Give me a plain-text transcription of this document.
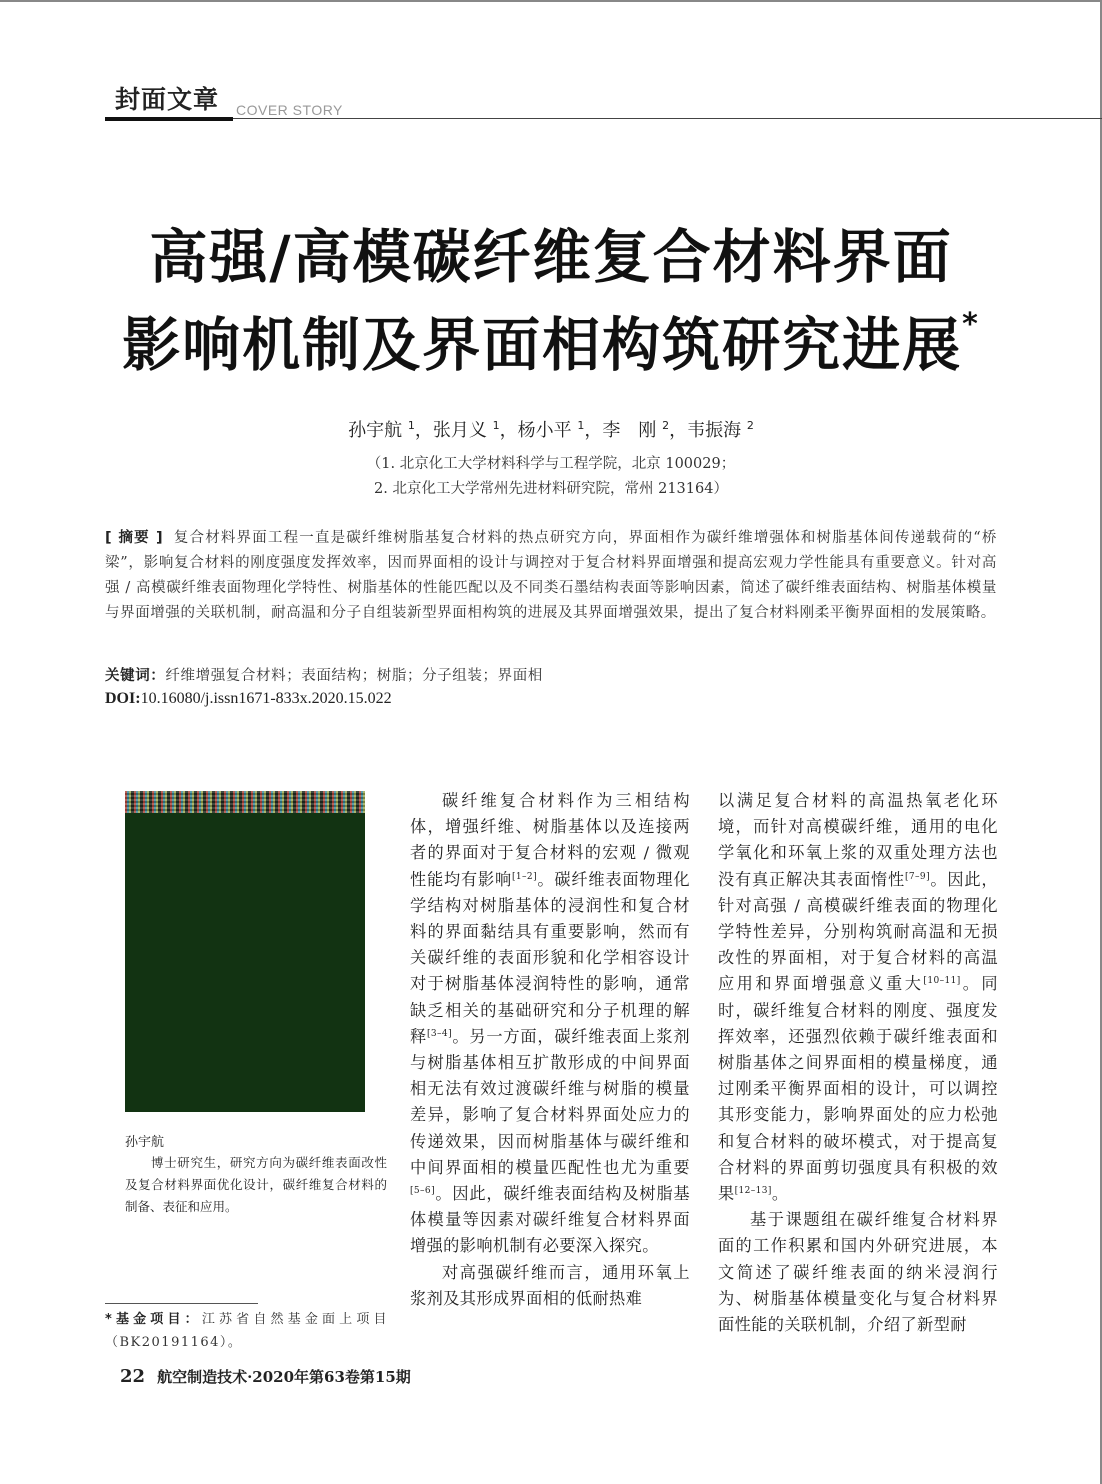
封面文章 COVER STORY
高强/高模碳纤维复合材料界面
影响机制及界面相构筑研究进展*
孙宇航 $^1$，张月义 $^1$，杨小平 $^1$，李　刚 $^2$，韦振海 $^2$
（1. 北京化工大学材料科学与工程学院，北京 100029；
2. 北京化工大学常州先进材料研究院，常州 213164）
[ 摘要 ] 复合材料界面工程一直是碳纤维树脂基复合材料的热点研究方向，界面相作为碳纤维增强体和树脂基体间传递载荷的“桥梁”，影响复合材料的刚度强度发挥效率，因而界面相的设计与调控对于复合材料界面增强和提高宏观力学性能具有重要意义。针对高强 / 高模碳纤维表面物理化学特性、树脂基体的性能匹配以及不同类石墨结构表面等影响因素，简述了碳纤维表面结构、树脂基体模量与界面增强的关联机制，耐高温和分子自组装新型界面相构筑的进展及其界面增强效果，提出了复合材料刚柔平衡界面相的发展策略。
关键词：纤维增强复合材料；表面结构；树脂；分子组装；界面相
DOI:10.16080/j.issn1671-833x.2020.15.022
孙宇航
博士研究生，研究方向为碳纤维表面改性及复合材料界面优化设计，碳纤维复合材料的制备、表征和应用。
*基金项目：江苏省自然基金面上项目（BK20191164）。

碳纤维复合材料作为三相结构体，增强纤维、树脂基体以及连接两者的界面对于复合材料的宏观 / 微观性能均有影响[1–2]。碳纤维表面物理化学结构对树脂基体的浸润性和复合材料的界面黏结具有重要影响，然而有关碳纤维的表面形貌和化学相容设计对于树脂基体浸润特性的影响，通常缺乏相关的基础研究和分子机理的解释[3–4]。另一方面，碳纤维表面上浆剂与树脂基体相互扩散形成的中间界面相无法有效过渡碳纤维与树脂的模量差异，影响了复合材料界面处应力的传递效果，因而树脂基体与碳纤维和中间界面相的模量匹配性也尤为重要[5–6]。因此，碳纤维表面结构及树脂基体模量等因素对碳纤维复合材料界面增强的影响机制有必要深入探究。

对高强碳纤维而言，通用环氧上浆剂及其形成界面相的低耐热难

以满足复合材料的高温热氧老化环境，而针对高模碳纤维，通用的电化学氧化和环氧上浆的双重处理方法也没有真正解决其表面惰性[7–9]。因此，针对高强 / 高模碳纤维表面的物理化学特性差异，分别构筑耐高温和无损改性的界面相，对于复合材料的高温应用和界面增强意义重大[10–11]。同时，碳纤维复合材料的刚度、强度发挥效率，还强烈依赖于碳纤维表面和树脂基体之间界面相的模量梯度，通过刚柔平衡界面相的设计，可以调控其形变能力，影响界面处的应力松弛和复合材料的破坏模式，对于提高复合材料的界面剪切强度具有积极的效果[12–13]。

基于课题组在碳纤维复合材料界面的工作积累和国内外研究进展，本文简述了碳纤维表面的纳米浸润行为、树脂基体模量变化与复合材料界面性能的关联机制，介绍了新型耐

22 航空制造技术·2020年第63卷第15期
